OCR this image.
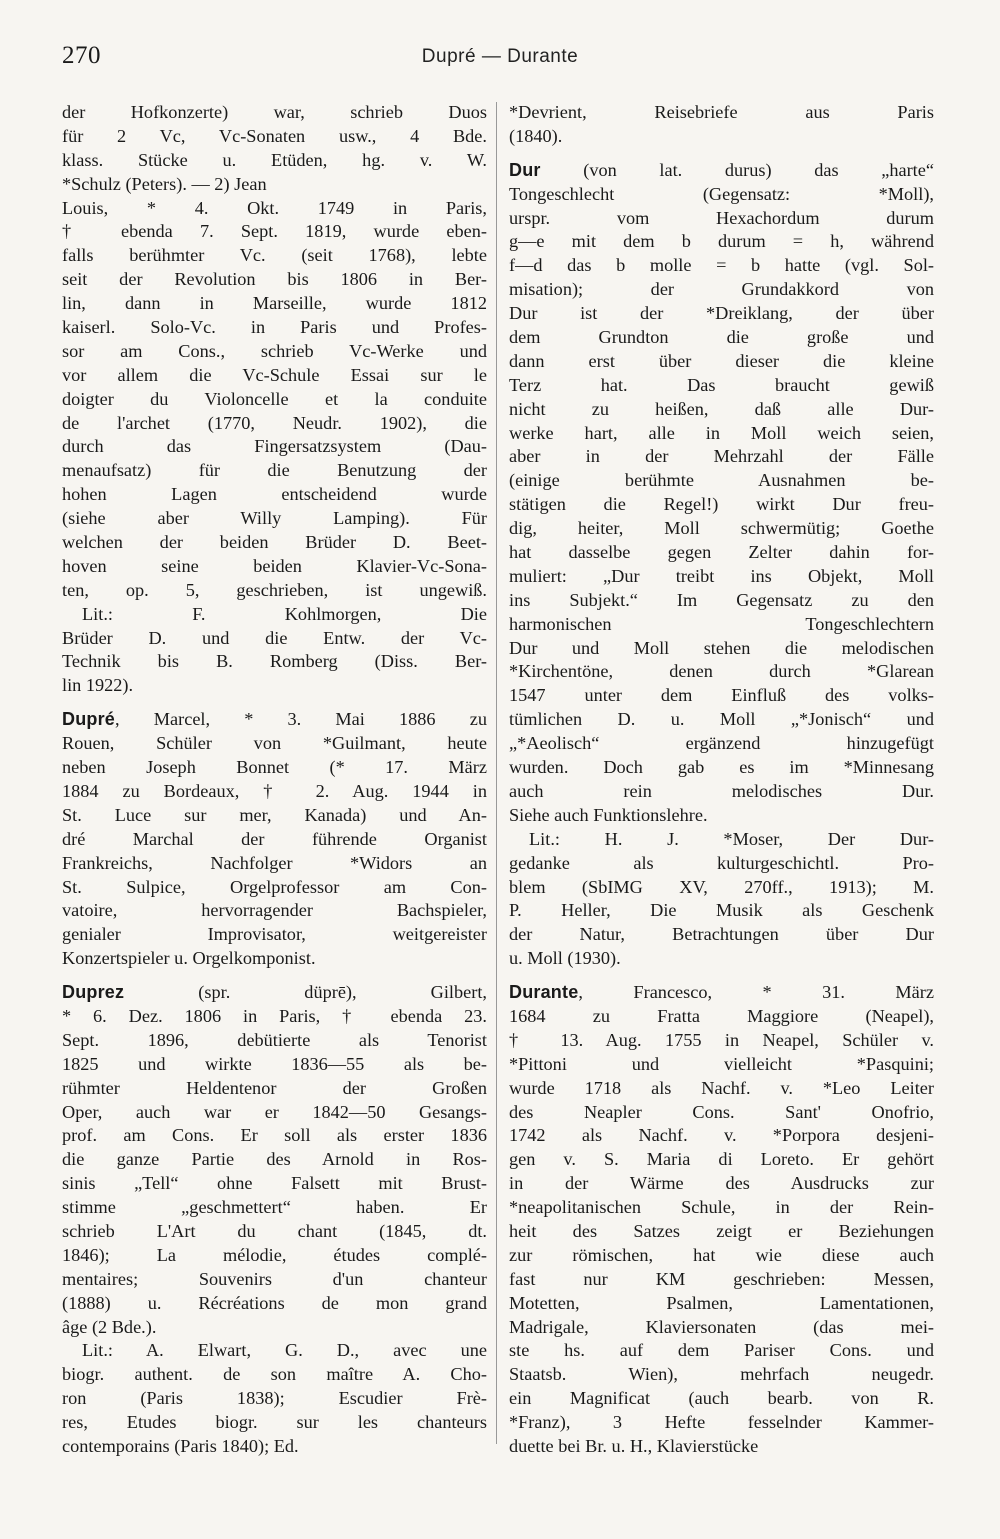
270	Dupré — Durante
der Hofkonzerte) war, schrieb Duos
für 2 Vc, Vc-Sonaten usw., 4 Bde.
klass. Stücke u. Etüden, hg. v. W.
*Schulz (Peters). — 2) Jean
Louis, * 4. Okt. 1749 in Paris,
† ebenda 7. Sept. 1819, wurde eben-
falls berühmter Vc. (seit 1768), lebte
seit der Revolution bis 1806 in Ber-
lin, dann in Marseille, wurde 1812
kaiserl. Solo-Vc. in Paris und Profes-
sor am Cons., schrieb Vc-Werke und
vor allem die Vc-Schule Essai sur le
doigter du Violoncelle et la conduite
de l'archet (1770, Neudr. 1902), die
durch das Fingersatzsystem (Dau-
menaufsatz) für die Benutzung der
hohen Lagen entscheidend wurde
(siehe aber Willy Lamping). Für
welchen der beiden Brüder D. Beet-
hoven seine beiden Klavier-Vc-Sona-
ten, op. 5, geschrieben, ist ungewiß.
Lit.: F. Kohlmorgen, Die
Brüder D. und die Entw. der Vc-
Technik bis B. Romberg (Diss. Ber-
lin 1922).
Dupré, Marcel, * 3. Mai 1886 zu
Rouen, Schüler von *Guilmant, heute
neben Joseph Bonnet (* 17. März
1884 zu Bordeaux, † 2. Aug. 1944 in
St. Luce sur mer, Kanada) und An-
dré Marchal der führende Organist
Frankreichs, Nachfolger *Widors an
St. Sulpice, Orgelprofessor am Con-
vatoire, hervorragender Bachspieler,
genialer Improvisator, weitgereister
Konzertspieler u. Orgelkomponist.
Duprez (spr. düprē), Gilbert,
* 6. Dez. 1806 in Paris, † ebenda 23.
Sept. 1896, debütierte als Tenorist
1825 und wirkte 1836—55 als be-
rühmter Heldentenor der Großen
Oper, auch war er 1842—50 Gesangs-
prof. am Cons. Er soll als erster 1836
die ganze Partie des Arnold in Ros-
sinis „Tell“ ohne Falsett mit Brust-
stimme „geschmettert“ haben. Er
schrieb L'Art du chant (1845, dt.
1846); La mélodie, études complé-
mentaires; Souvenirs d'un chanteur
(1888) u. Récréations de mon grand
âge (2 Bde.).
Lit.: A. Elwart, G. D., avec une
biogr. authent. de son maître A. Cho-
ron (Paris 1838); Escudier Frè-
res, Etudes biogr. sur les chanteurs
contemporains (Paris 1840); Ed.
*Devrient, Reisebriefe aus Paris
(1840).
Dur (von lat. durus) das „harte“
Tongeschlecht (Gegensatz: *Moll),
urspr. vom Hexachordum durum
g—e mit dem b durum = h, während
f—d das b molle = b hatte (vgl. Sol-
misation); der Grundakkord von
Dur ist der *Dreiklang, der über
dem Grundton die große und
dann erst über dieser die kleine
Terz hat. Das braucht gewiß
nicht zu heißen, daß alle Dur-
werke hart, alle in Moll weich seien,
aber in der Mehrzahl der Fälle
(einige berühmte Ausnahmen be-
stätigen die Regel!) wirkt Dur freu-
dig, heiter, Moll schwermütig; Goethe
hat dasselbe gegen Zelter dahin for-
muliert: „Dur treibt ins Objekt, Moll
ins Subjekt.“ Im Gegensatz zu den
harmonischen Tongeschlechtern
Dur und Moll stehen die melodischen
*Kirchentöne, denen durch *Glarean
1547 unter dem Einfluß des volks-
tümlichen D. u. Moll „*Jonisch“ und
„*Aeolisch“ ergänzend hinzugefügt
wurden. Doch gab es im *Minnesang
auch rein melodisches Dur.
Siehe auch Funktionslehre.
Lit.: H. J. *Moser, Der Dur-
gedanke als kulturgeschichtl. Pro-
blem (SbIMG XV, 270ff., 1913); M.
P. Heller, Die Musik als Geschenk
der Natur, Betrachtungen über Dur
u. Moll (1930).
Durante, Francesco, * 31. März
1684 zu Fratta Maggiore (Neapel),
† 13. Aug. 1755 in Neapel, Schüler v.
*Pittoni und vielleicht *Pasquini;
wurde 1718 als Nachf. v. *Leo Leiter
des Neapler Cons. Sant' Onofrio,
1742 als Nachf. v. *Porpora desjeni-
gen v. S. Maria di Loreto. Er gehört
in der Wärme des Ausdrucks zur
*neapolitanischen Schule, in der Rein-
heit des Satzes zeigt er Beziehungen
zur römischen, hat wie diese auch
fast nur KM geschrieben: Messen,
Motetten, Psalmen, Lamentationen,
Madrigale, Klaviersonaten (das mei-
ste hs. auf dem Pariser Cons. und
Staatsb. Wien), mehrfach neugedr.
ein Magnificat (auch bearb. von R.
*Franz), 3 Hefte fesselnder Kammer-
duette bei Br. u. H., Klavierstücke
